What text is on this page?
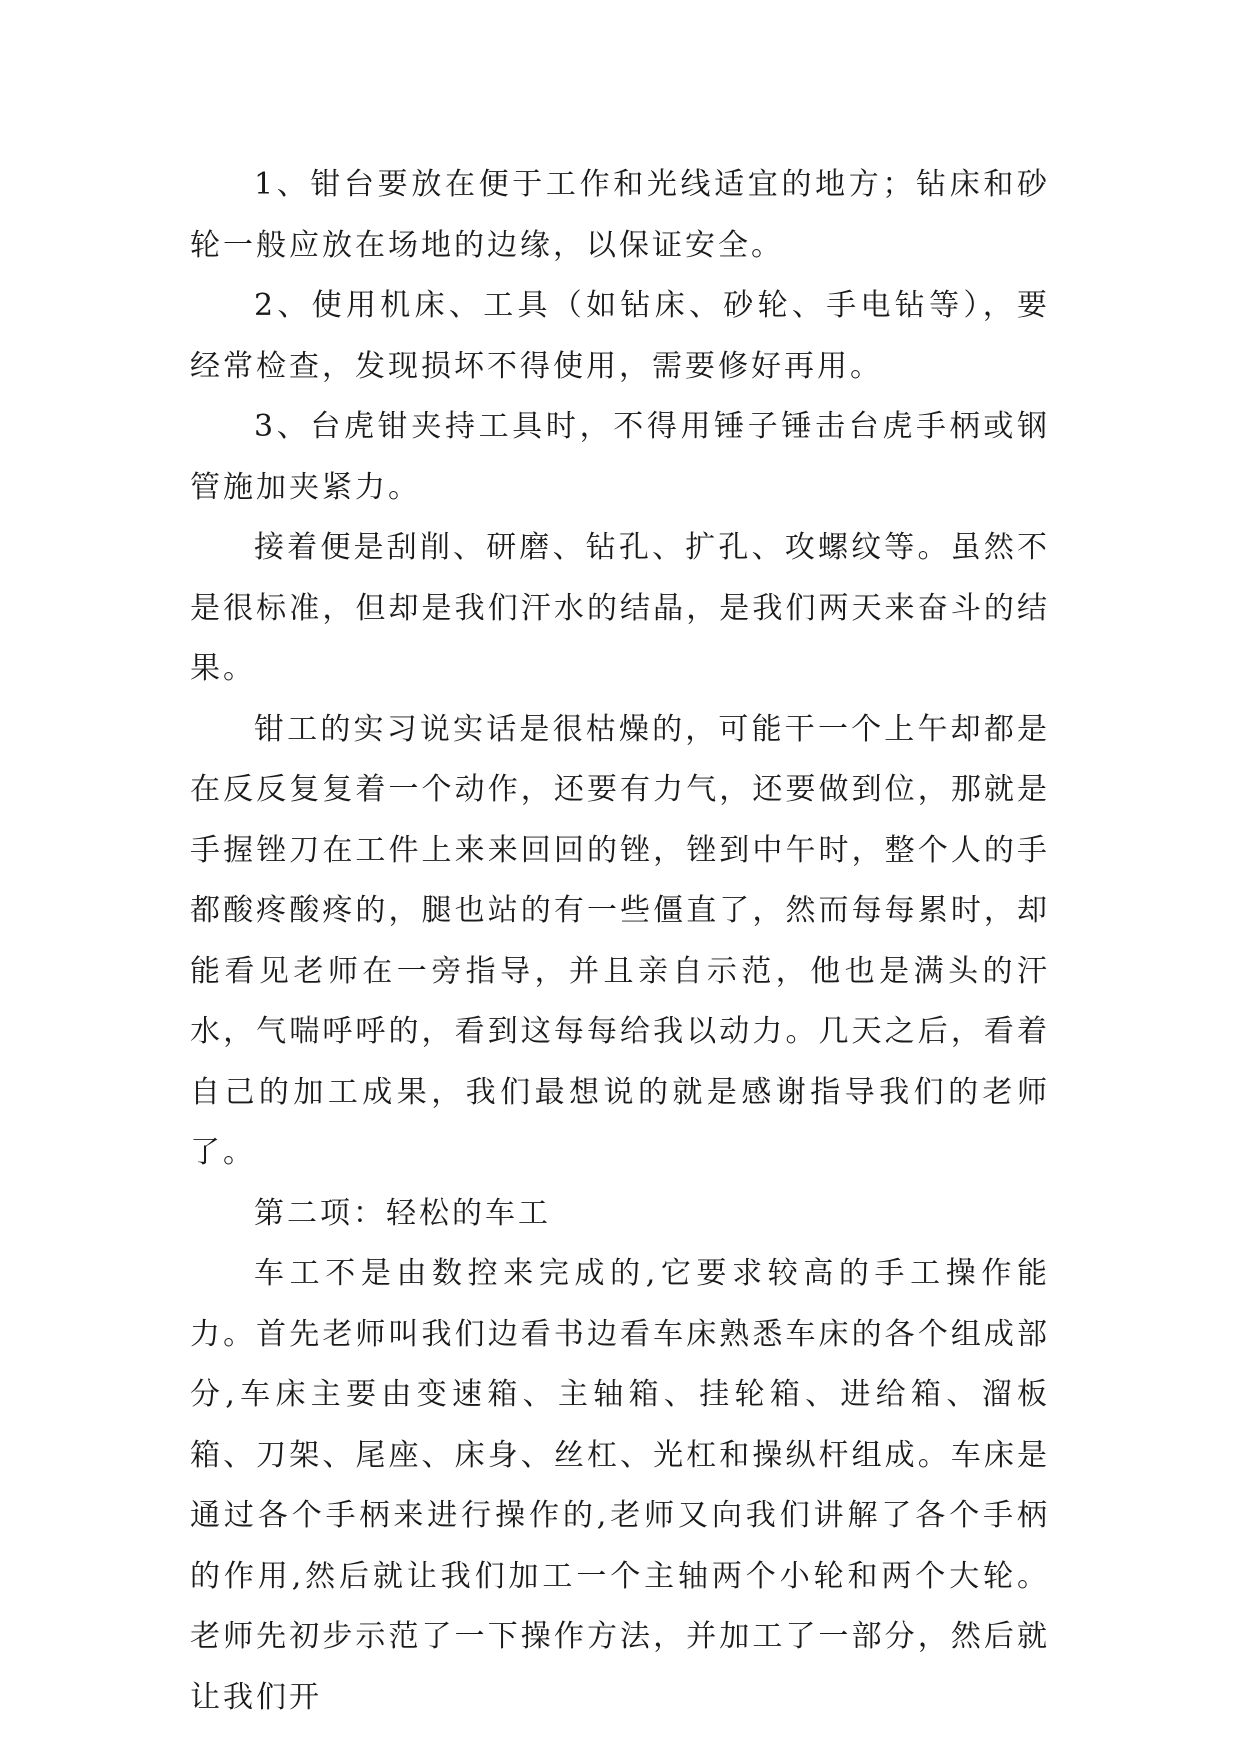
1、钳台要放在便于工作和光线适宜的地方；钻床和砂轮一般应放在场地的边缘，以保证安全。

2、使用机床、工具（如钻床、砂轮、手电钻等），要经常检查，发现损坏不得使用，需要修好再用。

3、台虎钳夹持工具时，不得用锤子锤击台虎手柄或钢管施加夹紧力。

接着便是刮削、研磨、钻孔、扩孔、攻螺纹等。虽然不是很标准，但却是我们汗水的结晶，是我们两天来奋斗的结果。

钳工的实习说实话是很枯燥的，可能干一个上午却都是在反反复复着一个动作，还要有力气，还要做到位，那就是手握锉刀在工件上来来回回的锉，锉到中午时，整个人的手都酸疼酸疼的，腿也站的有一些僵直了，然而每每累时，却能看见老师在一旁指导，并且亲自示范，他也是满头的汗水，气喘呼呼的，看到这每每给我以动力。几天之后，看着自己的加工成果，我们最想说的就是感谢指导我们的老师了。

第二项：轻松的车工

车工不是由数控来完成的,它要求较高的手工操作能力。首先老师叫我们边看书边看车床熟悉车床的各个组成部分,车床主要由变速箱、主轴箱、挂轮箱、进给箱、溜板箱、刀架、尾座、床身、丝杠、光杠和操纵杆组成。车床是通过各个手柄来进行操作的,老师又向我们讲解了各个手柄的作用,然后就让我们加工一个主轴两个小轮和两个大轮。老师先初步示范了一下操作方法，并加工了一部分，然后就让我们开
